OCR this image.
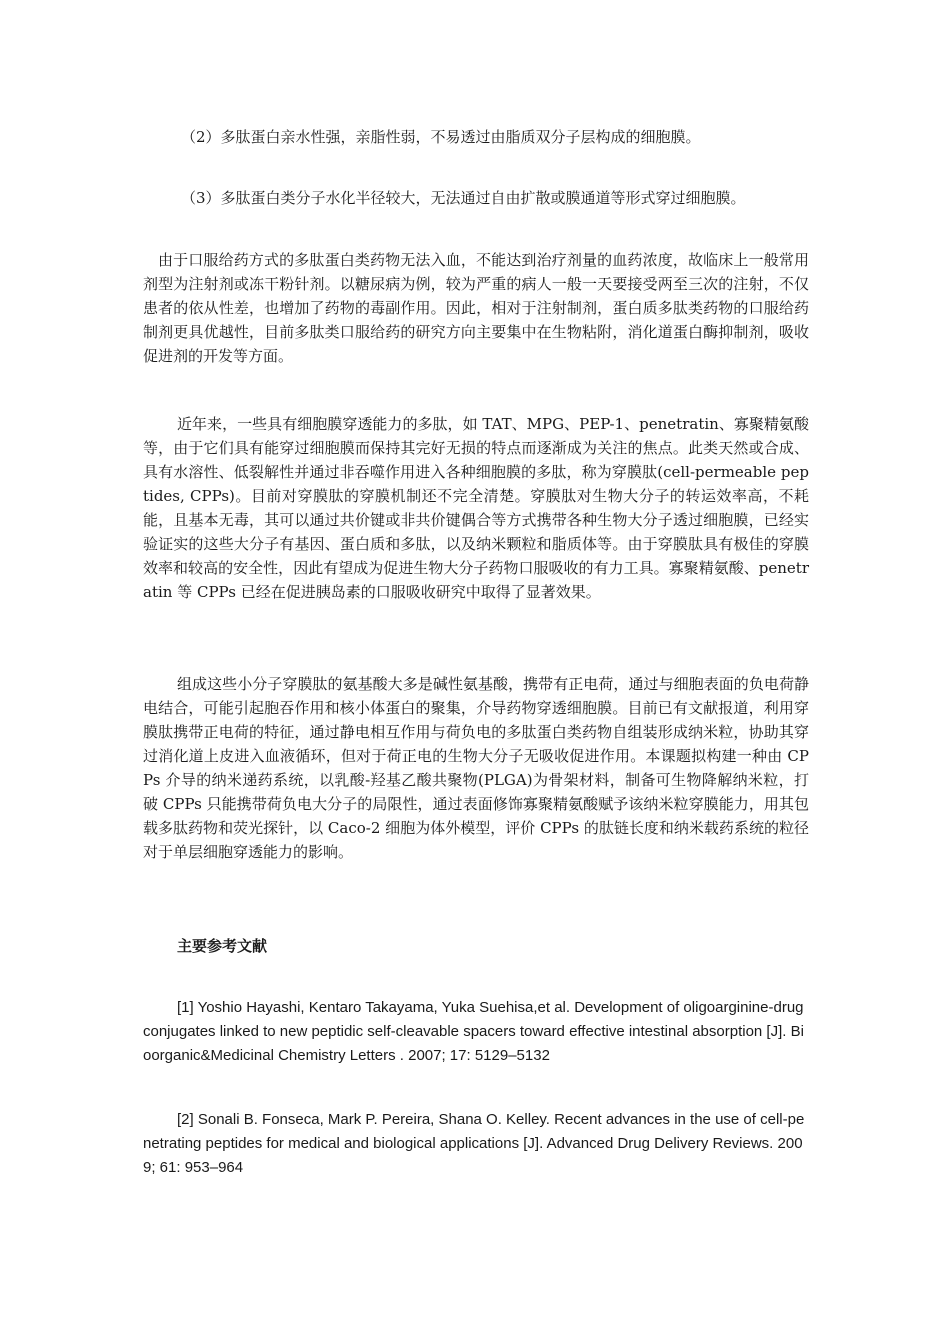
（2）多肽蛋白亲水性强，亲脂性弱，不易透过由脂质双分子层构成的细胞膜。

（3）多肽蛋白类分子水化半径较大，无法通过自由扩散或膜通道等形式穿过细胞膜。

由于口服给药方式的多肽蛋白类药物无法入血，不能达到治疗剂量的血药浓度，故临床上一般常用剂型为注射剂或冻干粉针剂。以糖尿病为例，较为严重的病人一般一天要接受两至三次的注射，不仅患者的依从性差，也增加了药物的毒副作用。因此，相对于注射制剂，蛋白质多肽类药物的口服给药制剂更具优越性，目前多肽类口服给药的研究方向主要集中在生物粘附，消化道蛋白酶抑制剂，吸收促进剂的开发等方面。

近年来，一些具有细胞膜穿透能力的多肽，如 TAT、MPG、PEP-1、penetratin、寡聚精氨酸等，由于它们具有能穿过细胞膜而保持其完好无损的特点而逐渐成为关注的焦点。此类天然或合成、具有水溶性、低裂解性并通过非吞噬作用进入各种细胞膜的多肽，称为穿膜肽(cell-permeable peptides, CPPs)。目前对穿膜肽的穿膜机制还不完全清楚。穿膜肽对生物大分子的转运效率高，不耗能，且基本无毒，其可以通过共价键或非共价键偶合等方式携带各种生物大分子透过细胞膜，已经实验证实的这些大分子有基因、蛋白质和多肽，以及纳米颗粒和脂质体等。由于穿膜肽具有极佳的穿膜效率和较高的安全性，因此有望成为促进生物大分子药物口服吸收的有力工具。寡聚精氨酸、penetratin 等 CPPs 已经在促进胰岛素的口服吸收研究中取得了显著效果。

组成这些小分子穿膜肽的氨基酸大多是碱性氨基酸，携带有正电荷，通过与细胞表面的负电荷静电结合，可能引起胞吞作用和核小体蛋白的聚集，介导药物穿透细胞膜。目前已有文献报道，利用穿膜肽携带正电荷的特征，通过静电相互作用与荷负电的多肽蛋白类药物自组装形成纳米粒，协助其穿过消化道上皮进入血液循环，但对于荷正电的生物大分子无吸收促进作用。本课题拟构建一种由 CPPs 介导的纳米递药系统，以乳酸-羟基乙酸共聚物(PLGA)为骨架材料，制备可生物降解纳米粒，打破 CPPs 只能携带荷负电大分子的局限性，通过表面修饰寡聚精氨酸赋予该纳米粒穿膜能力，用其包载多肽药物和荧光探针，以 Caco-2 细胞为体外模型，评价 CPPs 的肽链长度和纳米载药系统的粒径对于单层细胞穿透能力的影响。

主要参考文献

[1] Yoshio Hayashi, Kentaro Takayama, Yuka Suehisa,et al. Development of oligoarginine-drug conjugates linked to new peptidic self-cleavable spacers toward effective intestinal absorption [J]. Bioorganic&Medicinal Chemistry Letters . 2007; 17: 5129–5132

[2] Sonali B. Fonseca, Mark P. Pereira, Shana O. Kelley. Recent advances in the use of cell-penetrating peptides for medical and biological applications [J]. Advanced Drug Delivery Reviews. 2009; 61: 953–964
